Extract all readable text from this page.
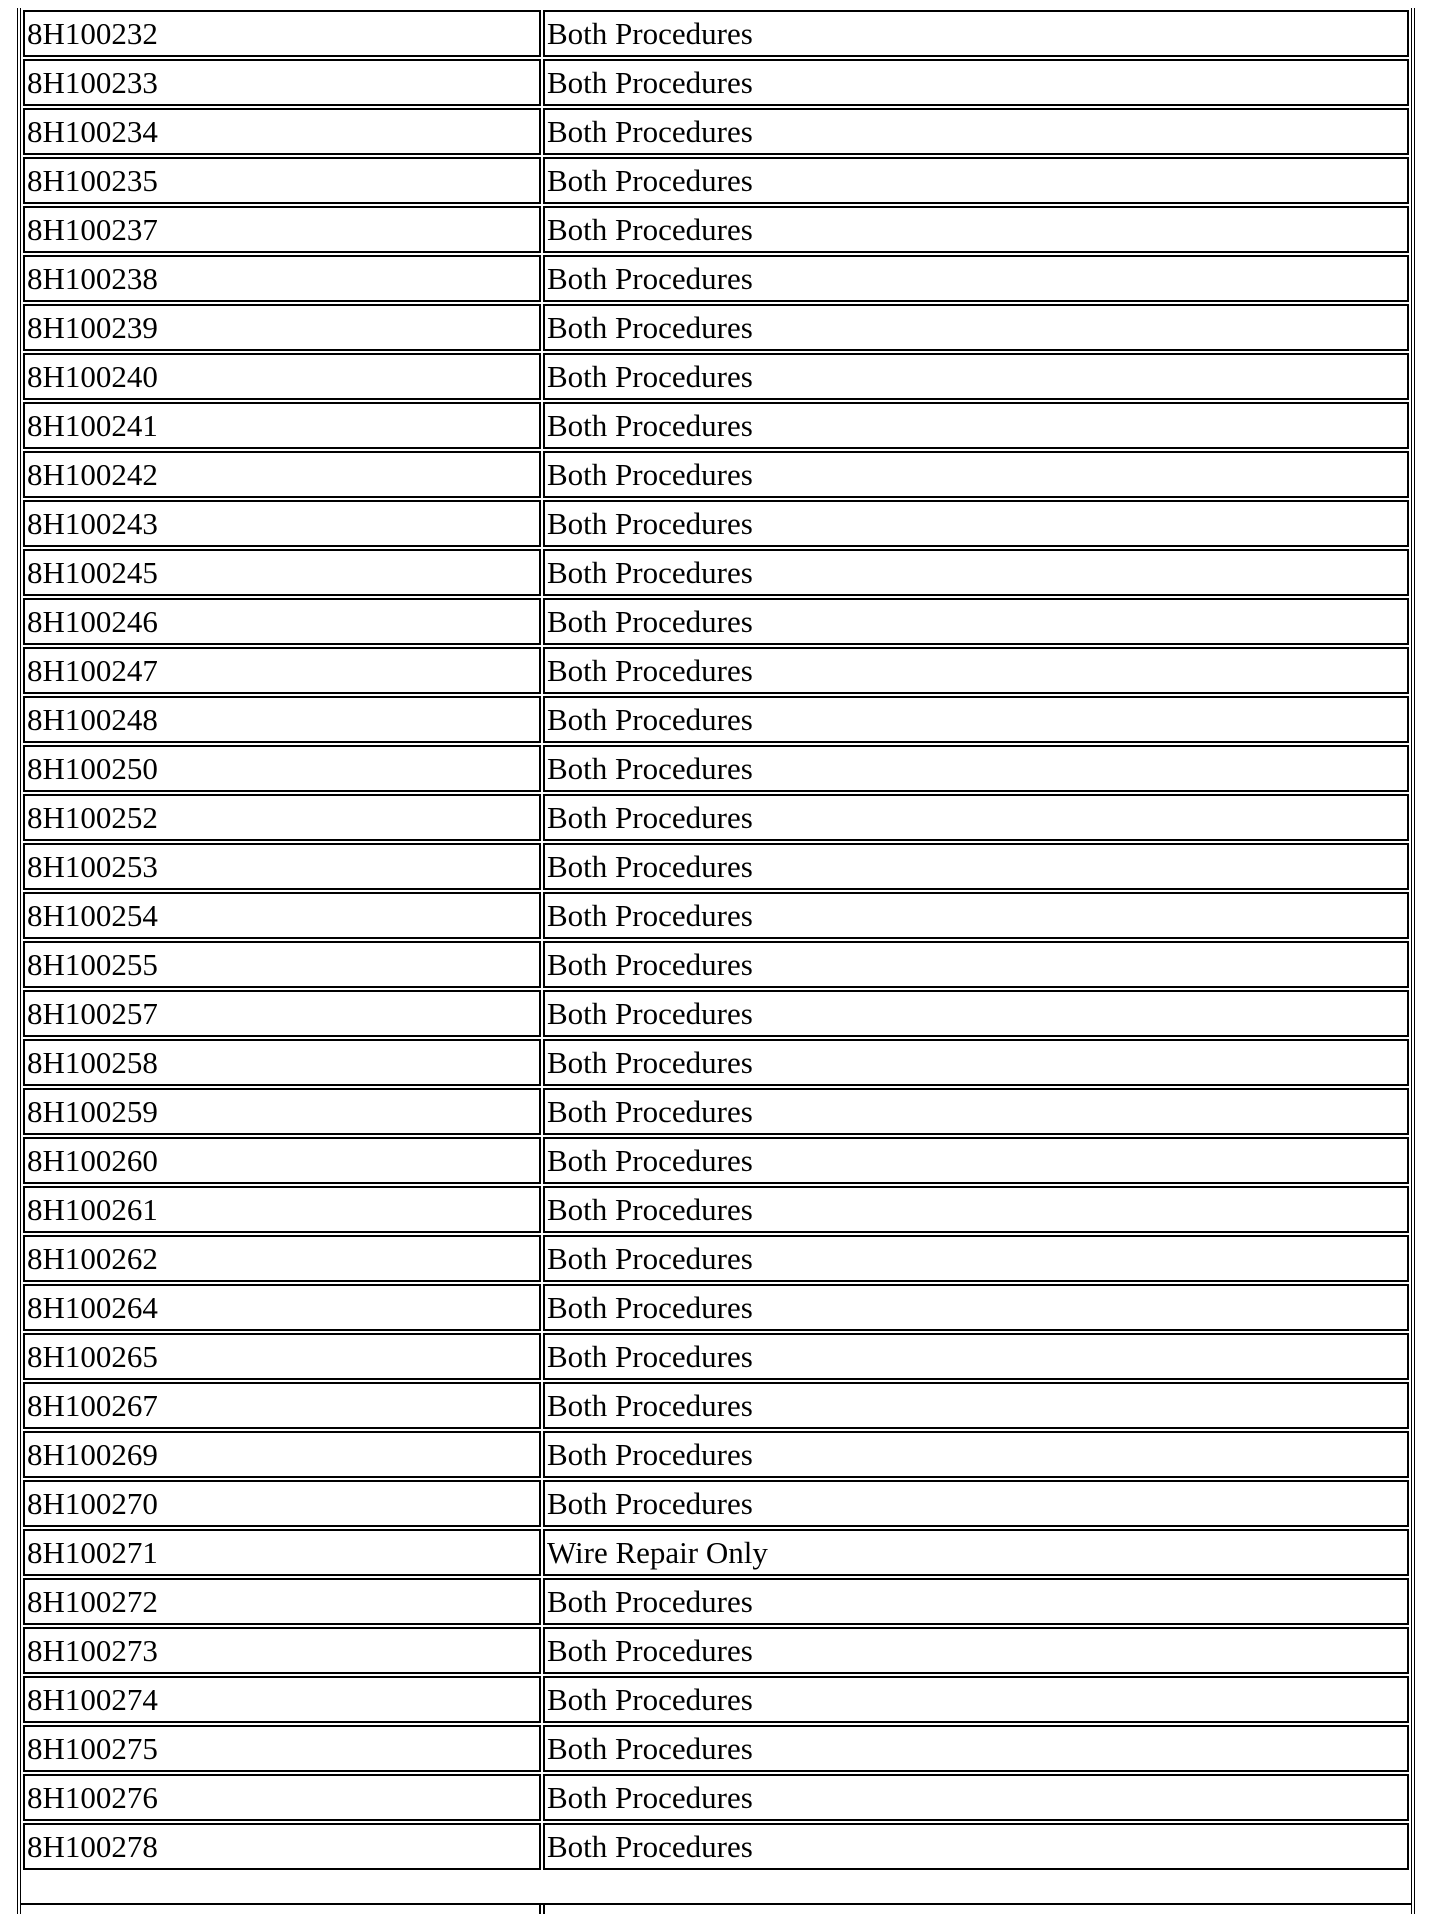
8H100232	Both Procedures
8H100233	Both Procedures
8H100234	Both Procedures
8H100235	Both Procedures
8H100237	Both Procedures
8H100238	Both Procedures
8H100239	Both Procedures
8H100240	Both Procedures
8H100241	Both Procedures
8H100242	Both Procedures
8H100243	Both Procedures
8H100245	Both Procedures
8H100246	Both Procedures
8H100247	Both Procedures
8H100248	Both Procedures
8H100250	Both Procedures
8H100252	Both Procedures
8H100253	Both Procedures
8H100254	Both Procedures
8H100255	Both Procedures
8H100257	Both Procedures
8H100258	Both Procedures
8H100259	Both Procedures
8H100260	Both Procedures
8H100261	Both Procedures
8H100262	Both Procedures
8H100264	Both Procedures
8H100265	Both Procedures
8H100267	Both Procedures
8H100269	Both Procedures
8H100270	Both Procedures
8H100271	Wire Repair Only
8H100272	Both Procedures
8H100273	Both Procedures
8H100274	Both Procedures
8H100275	Both Procedures
8H100276	Both Procedures
8H100278	Both Procedures
